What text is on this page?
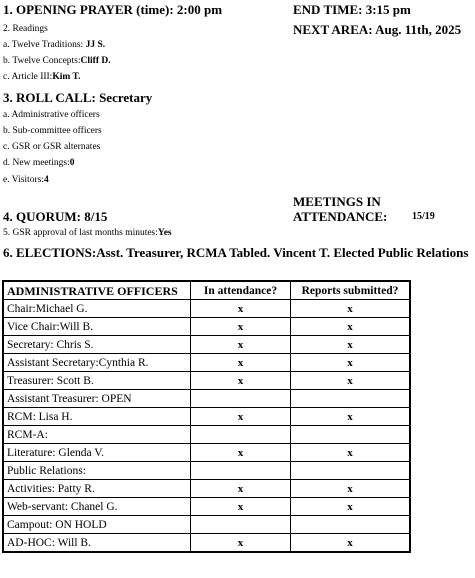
1. OPENING PRAYER (time): 2:00 pm	END TIME: 3:15 pm
NEXT AREA: Aug. 11th, 2025
2. Readings
a. Twelve Traditions: JJ S.
b. Twelve Concepts:Cliff D.
c. Article III:Kim T.
3. ROLL CALL: Secretary
a. Administrative officers
b. Sub-committee officers
c. GSR or GSR alternates
d. New meetings:0
e. Visitors:4
MEETINGS IN
ATTENDANCE: 15/19
4. QUORUM: 8/15
5. GSR approval of last months minutes:Yes
6. ELECTIONS:Asst. Treasurer, RCMA Tabled. Vincent T. Elected Public Relations
ADMINISTRATIVE OFFICERS	In attendance?	Reports submitted?
Chair:Michael G.	x	x
Vice Chair:Will B.	x	x
Secretary: Chris S.	x	x
Assistant Secretary:Cynthia R.	x	x
Treasurer: Scott B.	x	x
Assistant Treasurer: OPEN		
RCM: Lisa H.	x	x
RCM-A:		
Literature: Glenda V.	x	x
Public Relations:		
Activities: Patty R.	x	x
Web-servant: Chanel G.	x	x
Campout: ON HOLD		
AD-HOC: Will B.	x	x
